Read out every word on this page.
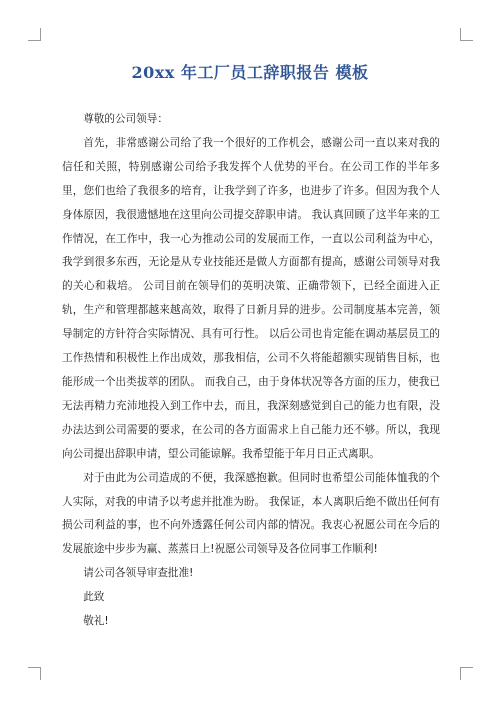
20xx 年工厂员工辞职报告 模板

尊敬的公司领导：

首先，非常感谢公司给了我一个很好的工作机会，感谢公司一直以来对我的信任和关照，特别感谢公司给予我发挥个人优势的平台。在公司工作的半年多里，您们也给了我很多的培育，让我学到了许多，也进步了许多。但因为我个人身体原因，我很遗憾地在这里向公司提交辞职申请。 我认真回顾了这半年来的工作情况，在工作中，我一心为推动公司的发展而工作，一直以公司利益为中心，我学到很多东西，无论是从专业技能还是做人方面都有提高，感谢公司领导对我的关心和栽培。 公司目前在领导们的英明决策、正确带领下，已经全面进入正轨，生产和管理都越来越高效，取得了日新月异的进步。公司制度基本完善，领导制定的方针符合实际情况、具有可行性。 以后公司也肯定能在调动基层员工的工作热情和积极性上作出成效，那我相信，公司不久将能超额实现销售目标，也能形成一个出类拔萃的团队。 而我自己，由于身体状况等各方面的压力，使我已无法再精力充沛地投入到工作中去，而且，我深刻感觉到自己的能力也有限，没办法达到公司需要的要求，在公司的各方面需求上自己能力还不够。所以，我现向公司提出辞职申请，望公司能谅解。我希望能于年月日正式离职。

对于由此为公司造成的不便，我深感抱歉。但同时也希望公司能体恤我的个人实际，对我的申请予以考虑并批准为盼。 我保证，本人离职后绝不做出任何有损公司利益的事，也不向外透露任何公司内部的情况。我衷心祝愿公司在今后的发展旅途中步步为赢、蒸蒸日上!祝愿公司领导及各位同事工作顺利!

请公司各领导审查批准!

此致

敬礼!
